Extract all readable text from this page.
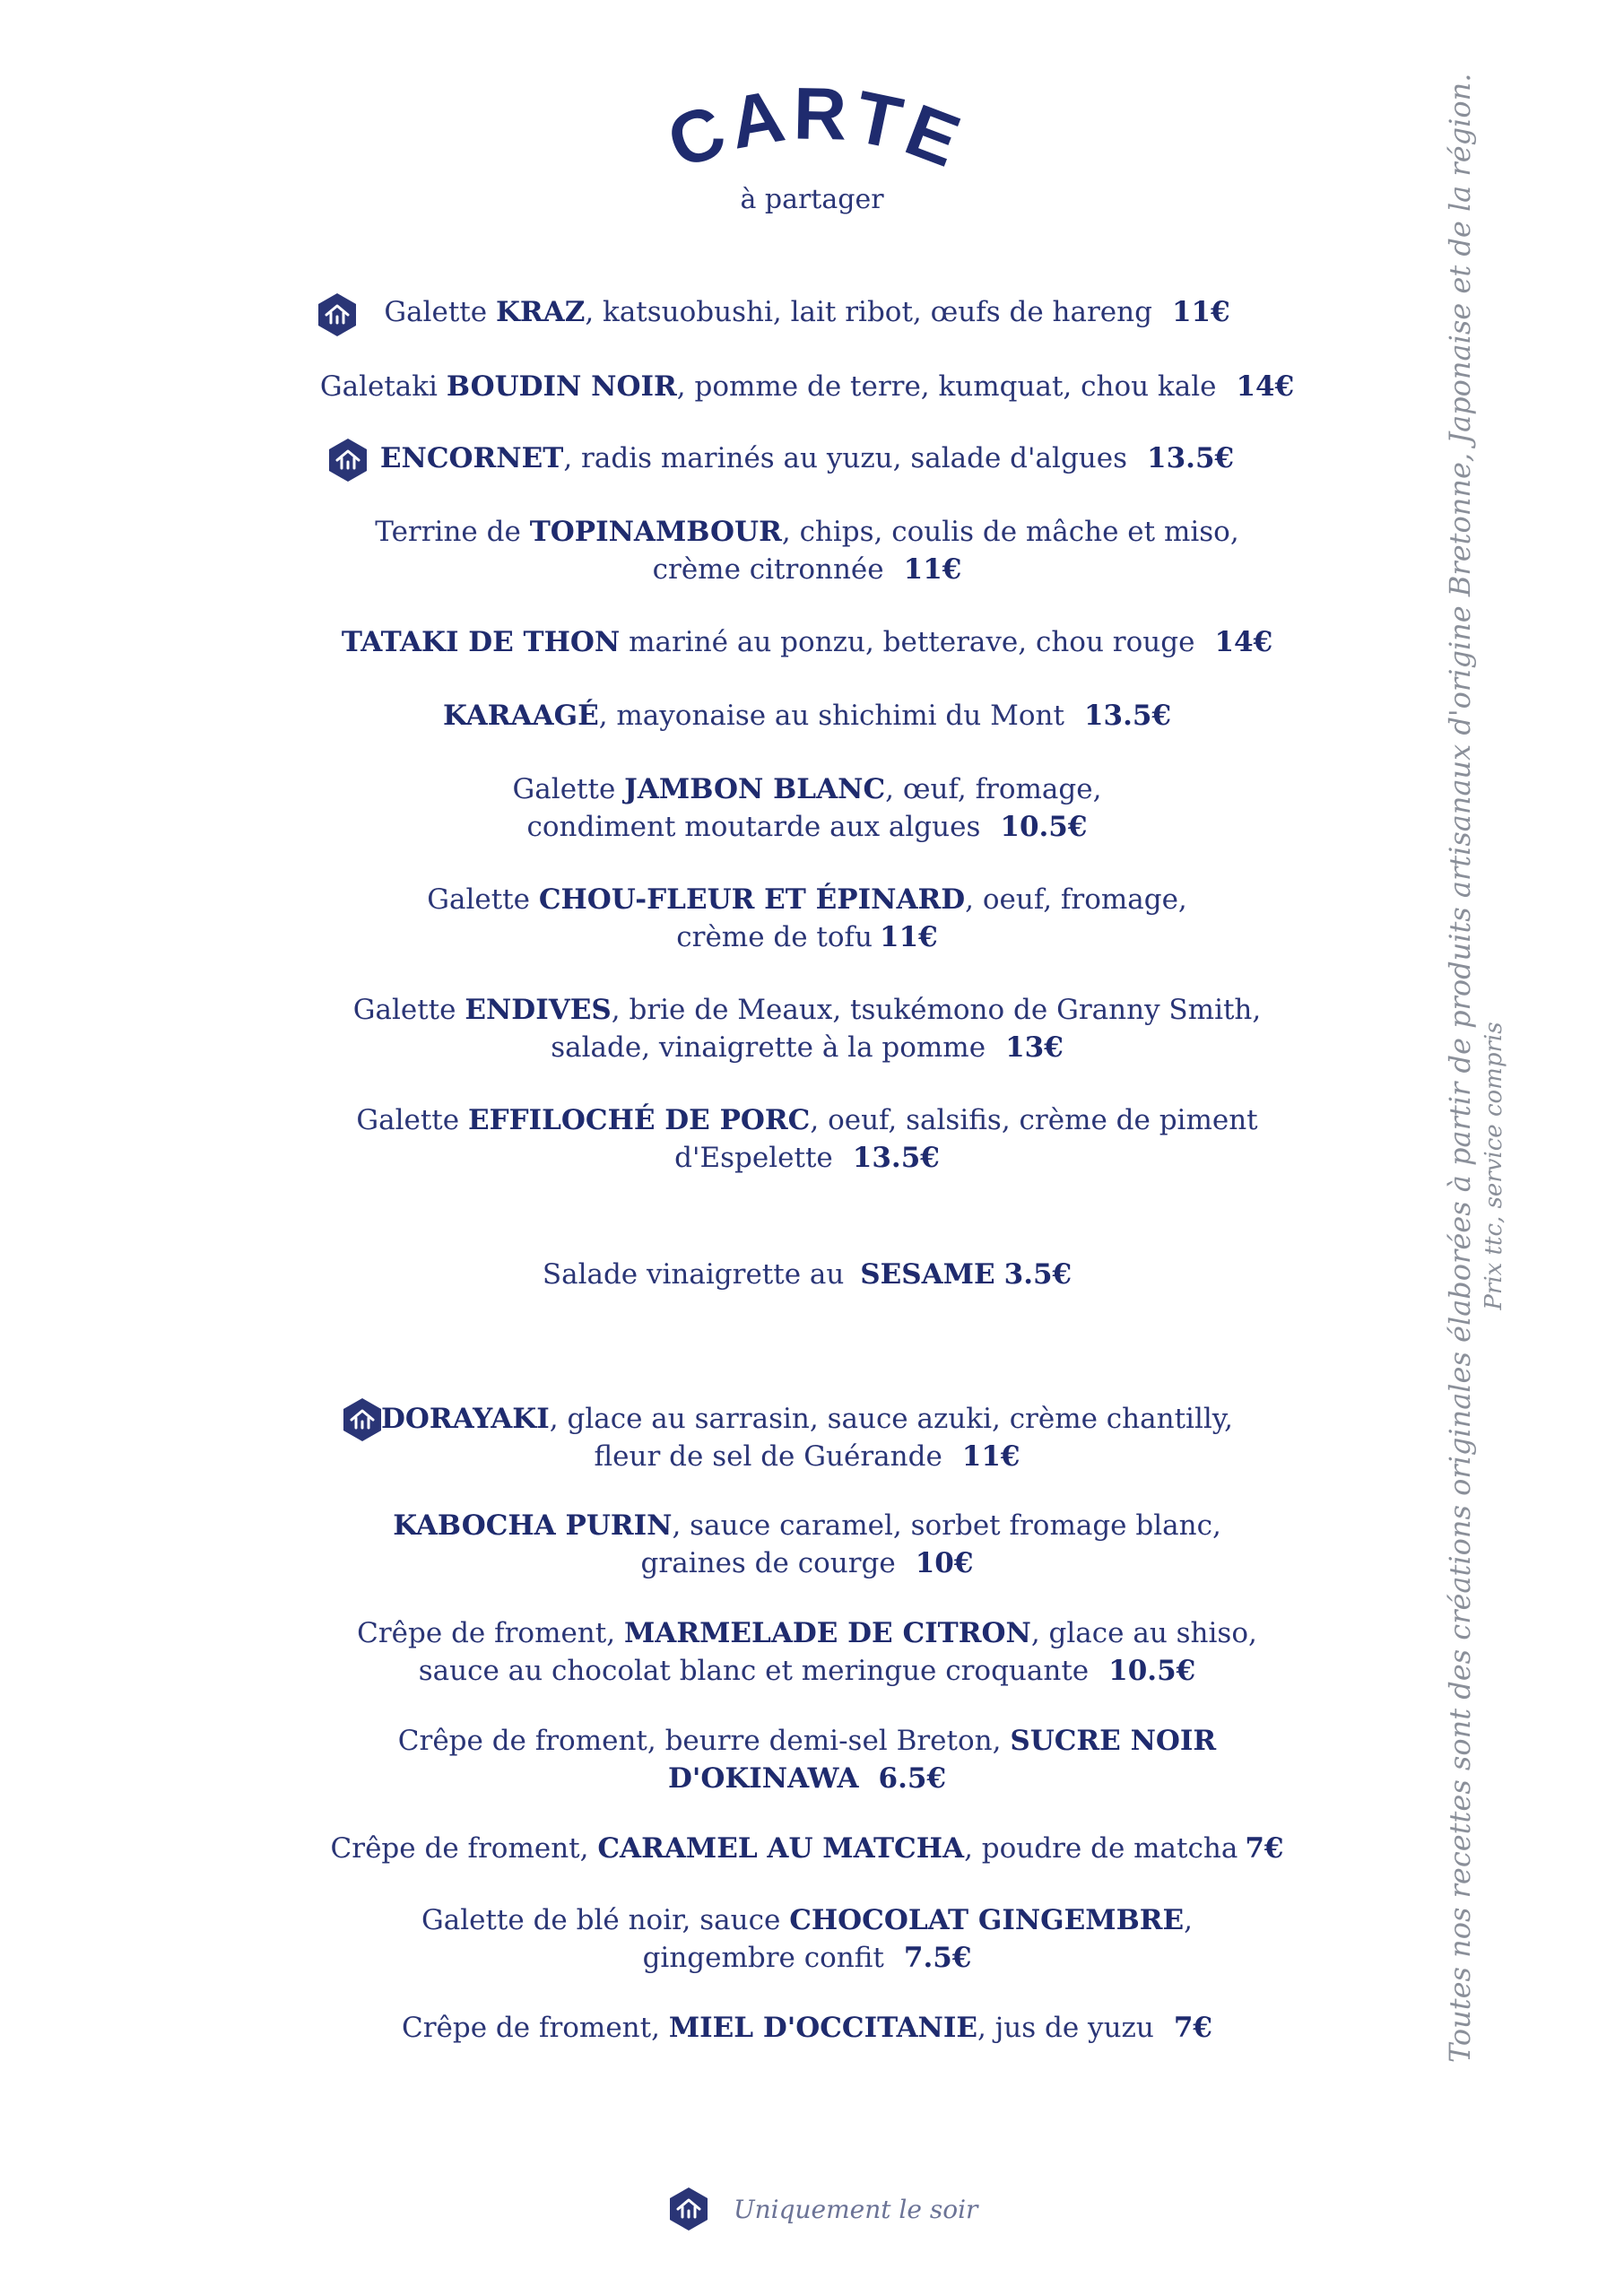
CARTE
à partager
Galette KRAZ, katsuobushi, lait ribot, œufs de hareng 11€
Galetaki BOUDIN NOIR, pomme de terre, kumquat, chou kale 14€
ENCORNET, radis marinés au yuzu, salade d'algues 13.5€
Terrine de TOPINAMBOUR, chips, coulis de mâche et miso,
crème citronnée 11€
TATAKI DE THON mariné au ponzu, betterave, chou rouge 14€
KARAAGÉ, mayonaise au shichimi du Mont 13.5€
Galette JAMBON BLANC, œuf, fromage,
condiment moutarde aux algues 10.5€
Galette CHOU-FLEUR ET ÉPINARD, oeuf, fromage,
crème de tofu 11€
Galette ENDIVES, brie de Meaux, tsukémono de Granny Smith,
salade, vinaigrette à la pomme 13€
Galette EFFILOCHÉ DE PORC, oeuf, salsifis, crème de piment
d'Espelette 13.5€
Salade vinaigrette au SESAME 3.5€
DORAYAKI, glace au sarrasin, sauce azuki, crème chantilly,
fleur de sel de Guérande 11€
KABOCHA PURIN, sauce caramel, sorbet fromage blanc,
graines de courge 10€
Crêpe de froment, MARMELADE DE CITRON, glace au shiso,
sauce au chocolat blanc et meringue croquante 10.5€
Crêpe de froment, beurre demi-sel Breton, SUCRE NOIR
D'OKINAWA 6.5€
Crêpe de froment, CARAMEL AU MATCHA, poudre de matcha 7€
Galette de blé noir, sauce CHOCOLAT GINGEMBRE,
gingembre confit 7.5€
Crêpe de froment, MIEL D'OCCITANIE, jus de yuzu 7€
Uniquement le soir
Toutes nos recettes sont des créations originales élaborées à partir de produits artisanaux d'origine Bretonne, Japonaise et de la région. Prix ttc, service compris
